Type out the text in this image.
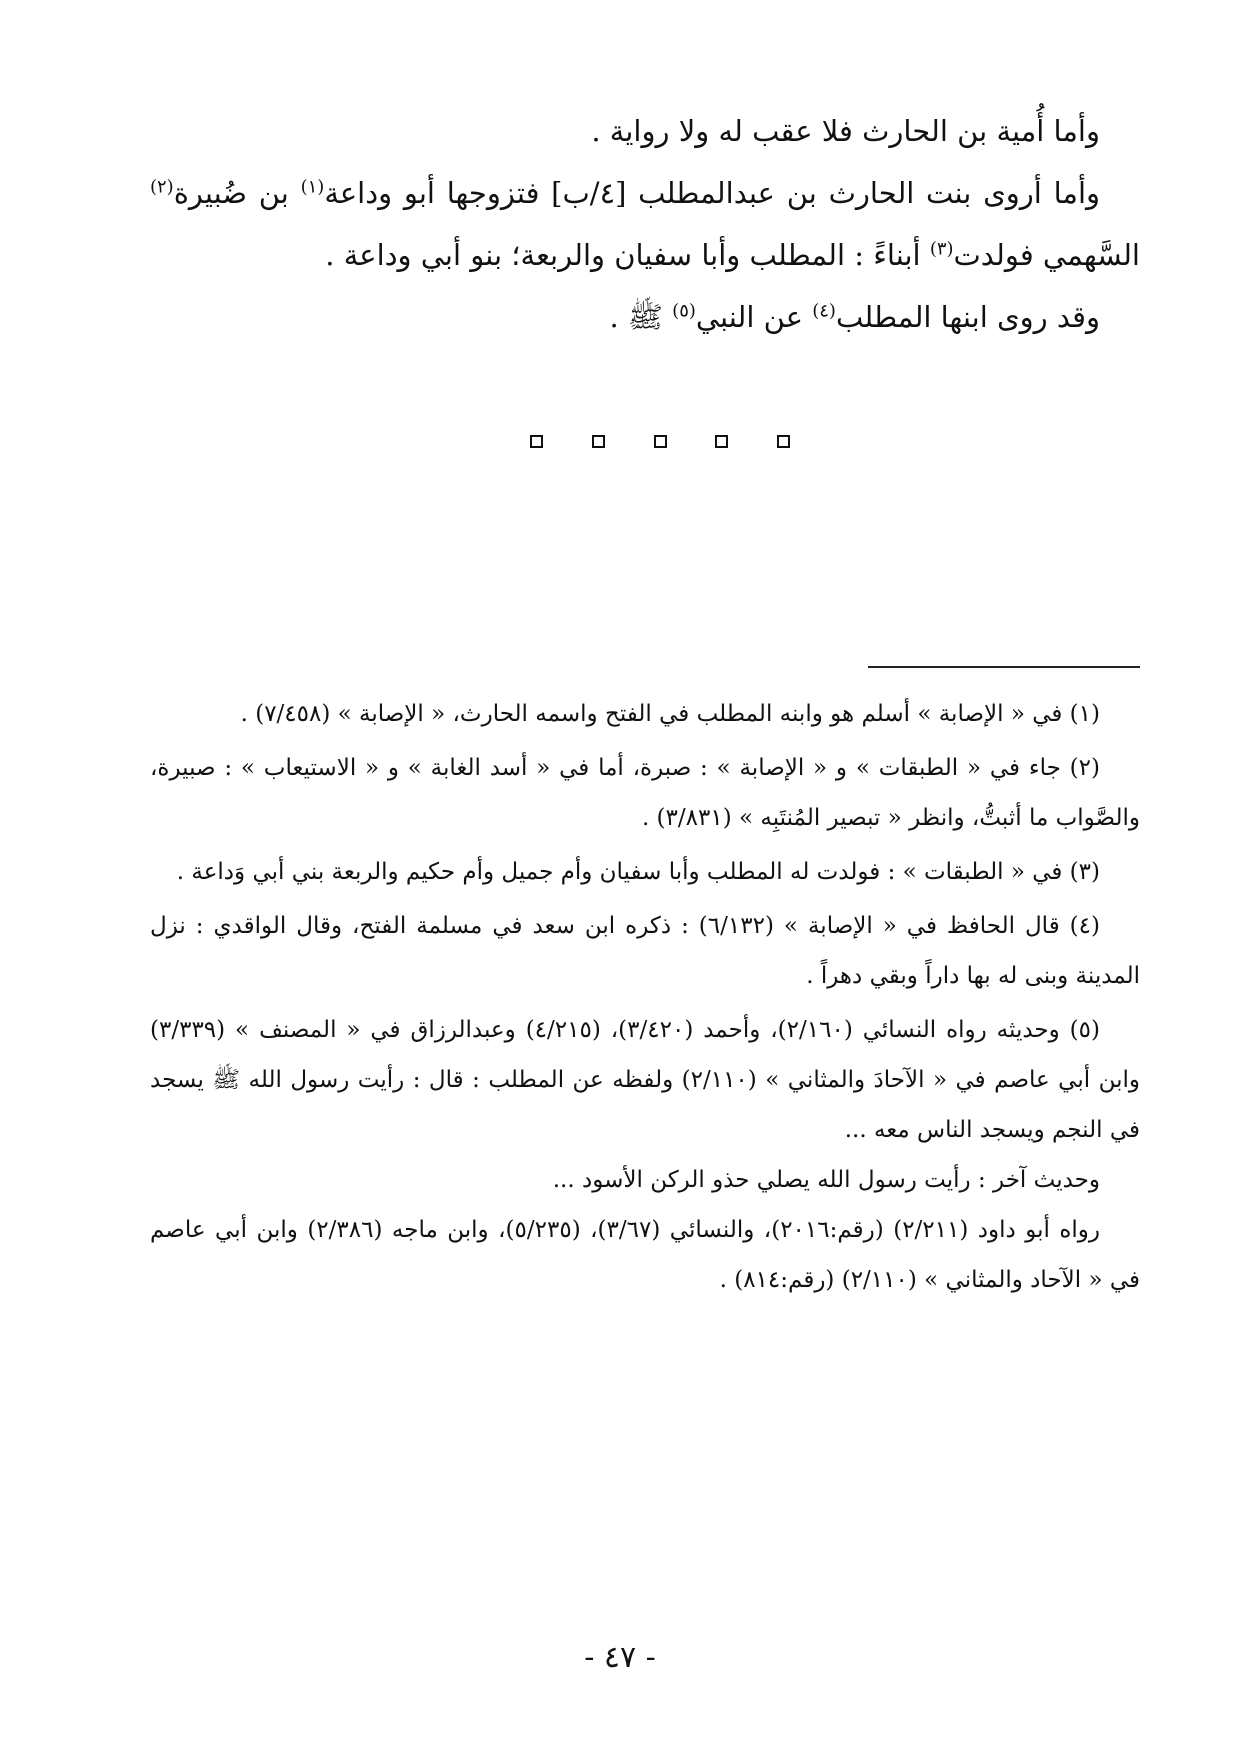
وأما أُمية بن الحارث فلا عقب له ولا رواية .

وأما أروى بنت الحارث بن عبدالمطلب [٤/ب] فتزوجها أبو وداعة$^{(١)}$ بن ضُبيرة$^{(٢)}$ السَّهمي فولدت$^{(٣)}$ أبناءً : المطلب وأبا سفيان والربعة؛ بنو أبي وداعة .

وقد روى ابنها المطلب$^{(٤)}$ عن النبي$^{(٥)}$ ﷺ .

(١) في « الإصابة » أسلم هو وابنه المطلب في الفتح واسمه الحارث، « الإصابة » (٧/٤٥٨) .

(٢) جاء في « الطبقات » و « الإصابة » : صبرة، أما في « أسد الغابة » و « الاستيعاب » : صبيرة، والصَّواب ما أثبتُّ، وانظر « تبصير المُنتَبِه » (٣/٨٣١) .

(٣) في « الطبقات » : فولدت له المطلب وأبا سفيان وأم جميل وأم حكيم والربعة بني أبي وَداعة .

(٤) قال الحافظ في « الإصابة » (٦/١٣٢) : ذكره ابن سعد في مسلمة الفتح، وقال الواقدي : نزل المدينة وبنى له بها داراً وبقي دهراً .

(٥) وحديثه رواه النسائي (٢/١٦٠)، وأحمد (٣/٤٢٠)، (٤/٢١٥) وعبدالرزاق في « المصنف » (٣/٣٣٩) وابن أبي عاصم في « الآحادَ والمثاني » (٢/١١٠) ولفظه عن المطلب : قال : رأيت رسول الله ﷺ يسجد في النجم ويسجد الناس معه ...

وحديث آخر : رأيت رسول الله يصلي حذو الركن الأسود ...

رواه أبو داود (٢/٢١١) (رقم:٢٠١٦)، والنسائي (٣/٦٧)، (٥/٢٣٥)، وابن ماجه (٢/٣٨٦) وابن أبي عاصم في « الآحاد والمثاني » (٢/١١٠) (رقم:٨١٤) .

- ٤٧ -
